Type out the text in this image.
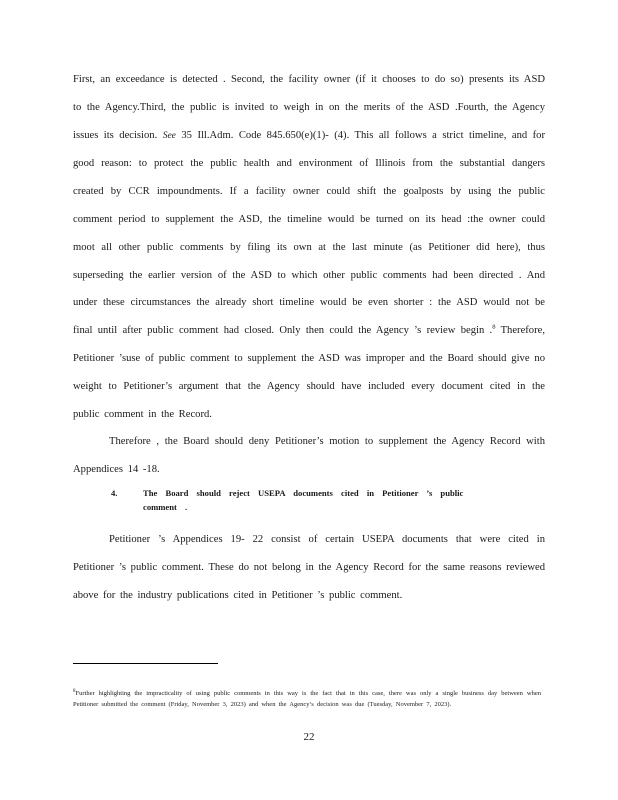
First, an exceedance is detected . Second, the facility owner (if it chooses to do so) presents its ASD to the Agency.Third, the public is invited to weigh in on the merits of the ASD .Fourth, the Agency issues its decision. See 35 Ill.Adm. Code 845.650(e)(1)- (4). This all follows a strict timeline, and for good reason: to protect the public health and environment of Illinois from the substantial dangers created by CCR impoundments. If a facility owner could shift the goalposts by using the public comment period to supplement the ASD, the timeline would be turned on its head :the owner could moot all other public comments by filing its own at the last minute (as Petitioner did here), thus superseding the earlier version of the ASD to which other public comments had been directed . And under these circumstances the already short timeline would be even shorter : the ASD would not be final until after public comment had closed. Only then could the Agency ’s review begin .$^8$ Therefore, Petitioner ’suse of public comment to supplement the ASD was improper and the Board should give no weight to Petitioner’s argument that the Agency should have included every document cited in the public comment in the Record.

Therefore , the Board should deny Petitioner’s motion to supplement the Agency Record with Appendices 14 -18.

4.	The Board should reject USEPA documents cited in Petitioner ’s public
comment .

Petitioner ’s Appendices 19- 22 consist of certain USEPA documents that were cited in Petitioner ’s public comment. These do not belong in the Agency Record for the same reasons reviewed above for the industry publications cited in Petitioner ’s public comment.

$^8$Further highlighting the impracticality of using public comments in this way is the fact that in this case, there was only a single business day between when Petitioner submitted the comment (Friday, November 3, 2023) and when the Agency’s decision was due (Tuesday, November 7, 2023).
22
